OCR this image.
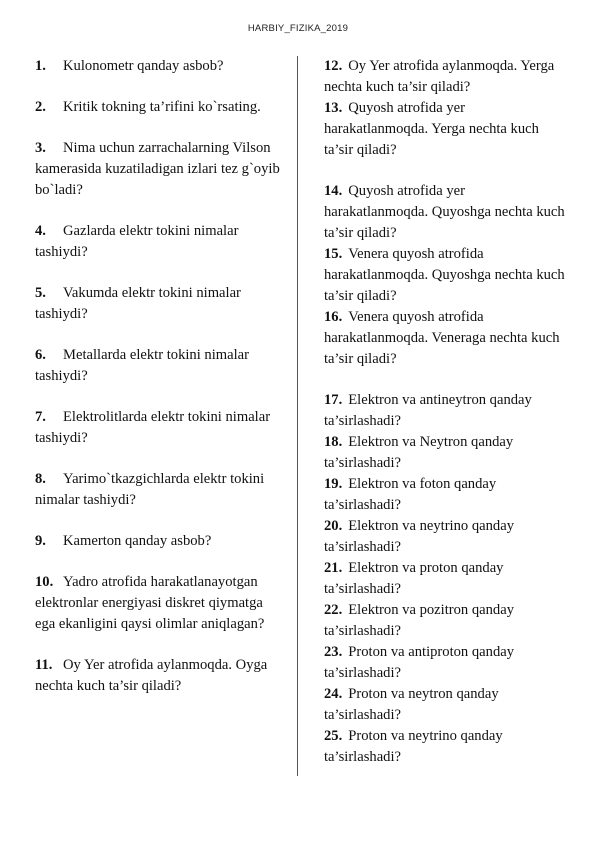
HARBIY_FIZIKA_2019

1. Kulonometr qanday asbob?

2. Kritik tokning ta’rifini ko`rsating.

3. Nima uchun zarrachalarning Vilson kamerasida kuzatiladigan izlari tez g`oyib bo`ladi?

4. Gazlarda elektr tokini nimalar tashiydi?

5. Vakumda elektr tokini nimalar tashiydi?

6. Metallarda elektr tokini nimalar tashiydi?

7. Elektrolitlarda elektr tokini nimalar tashiydi?

8. Yarimo`tkazgichlarda elektr tokini nimalar tashiydi?

9. Kamerton qanday asbob?

10. Yadro atrofida harakatlanayotgan elektronlar energiyasi diskret qiymatga ega ekanligini qaysi olimlar aniqlagan?

11. Oy Yer atrofida aylanmoqda. Oyga nechta kuch ta’sir qiladi?

12. Oy Yer atrofida aylanmoqda. Yerga nechta kuch ta’sir qiladi?

13. Quyosh atrofida yer harakatlanmoqda. Yerga nechta kuch ta’sir qiladi?

14. Quyosh atrofida yer harakatlanmoqda. Quyoshga nechta kuch ta’sir qiladi?

15. Venera quyosh atrofida harakatlanmoqda. Quyoshga nechta kuch ta’sir qiladi?

16. Venera quyosh atrofida harakatlanmoqda. Veneraga nechta kuch ta’sir qiladi?

17. Elektron va antineytron qanday ta’sirlashadi?

18. Elektron va Neytron qanday ta’sirlashadi?

19. Elektron va foton qanday ta’sirlashadi?

20. Elektron va neytrino qanday ta’sirlashadi?

21. Elektron va proton qanday ta’sirlashadi?

22. Elektron va pozitron qanday ta’sirlashadi?

23. Proton va antiproton qanday ta’sirlashadi?

24. Proton va neytron qanday ta’sirlashadi?

25. Proton va neytrino qanday ta’sirlashadi?
